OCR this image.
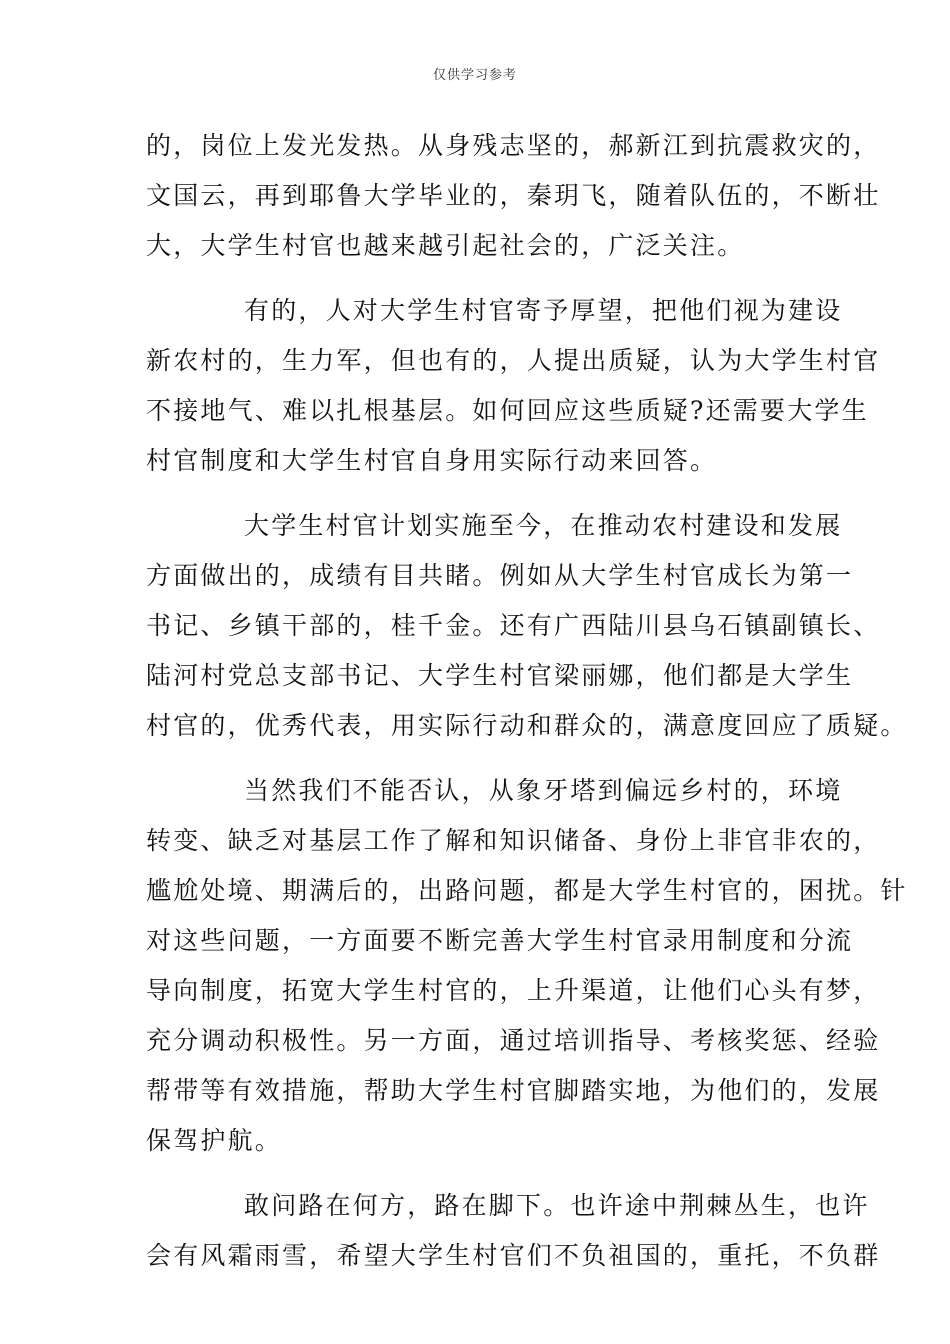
仅供学习参考
的，岗位上发光发热。从身残志坚的，郝新江到抗震救灾的，
文国云，再到耶鲁大学毕业的，秦玥飞，随着队伍的，不断壮
大，大学生村官也越来越引起社会的，广泛关注。
有的，人对大学生村官寄予厚望，把他们视为建设
新农村的，生力军，但也有的，人提出质疑，认为大学生村官
不接地气、难以扎根基层。如何回应这些质疑?还需要大学生
村官制度和大学生村官自身用实际行动来回答。
大学生村官计划实施至今，在推动农村建设和发展
方面做出的，成绩有目共睹。例如从大学生村官成长为第一
书记、乡镇干部的，桂千金。还有广西陆川县乌石镇副镇长、
陆河村党总支部书记、大学生村官梁丽娜，他们都是大学生
村官的，优秀代表，用实际行动和群众的，满意度回应了质疑。
当然我们不能否认，从象牙塔到偏远乡村的，环境
转变、缺乏对基层工作了解和知识储备、身份上非官非农的，
尴尬处境、期满后的，出路问题，都是大学生村官的，困扰。针
对这些问题，一方面要不断完善大学生村官录用制度和分流
导向制度，拓宽大学生村官的，上升渠道，让他们心头有梦，
充分调动积极性。另一方面，通过培训指导、考核奖惩、经验
帮带等有效措施，帮助大学生村官脚踏实地，为他们的，发展
保驾护航。
敢问路在何方，路在脚下。也许途中荆棘丛生，也许
会有风霜雨雪，希望大学生村官们不负祖国的，重托，不负群
